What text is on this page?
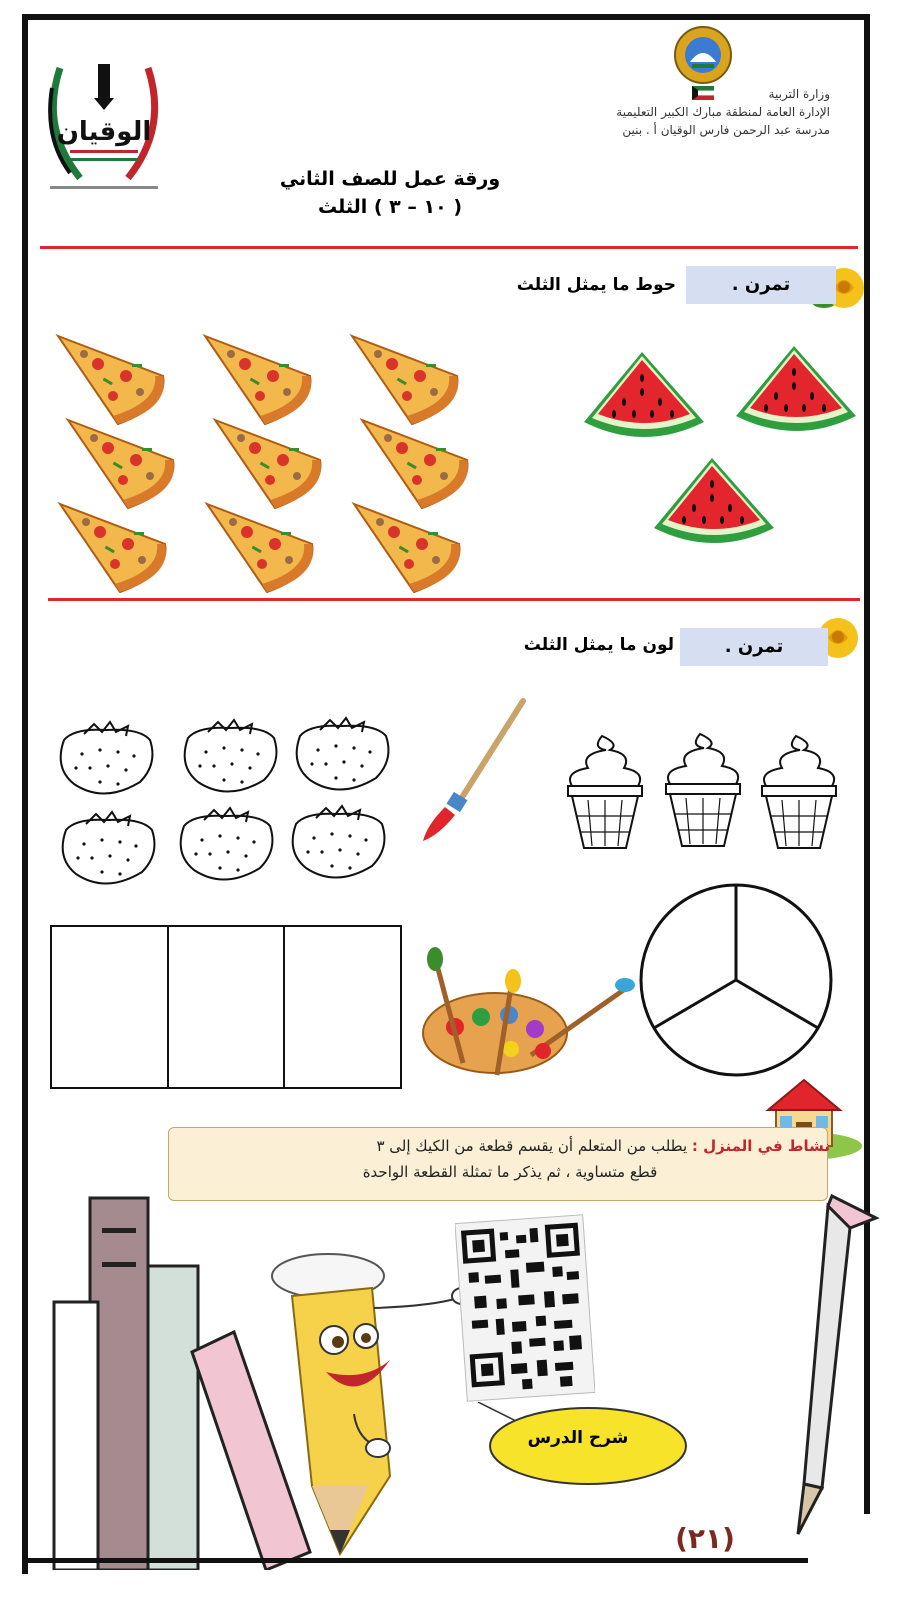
الوقيان
وزارة التربية
الإدارة العامة لمنطقة مبارك الكبير التعليمية
مدرسة عبد الرحمن فارس الوقيان أ . بنين
ورقة عمل للصف الثاني
( ١٠ – ٣ ) الثلث
تمرن .
حوط ما يمثل الثلث
تمرن .
لون ما يمثل الثلث
نشاط في المنزل : يطلب من المتعلم أن يقسم قطعة من الكيك إلى ٣
قطع متساوية ، ثم يذكر ما تمثلة القطعة الواحدة
شرح الدرس
(٢١)
